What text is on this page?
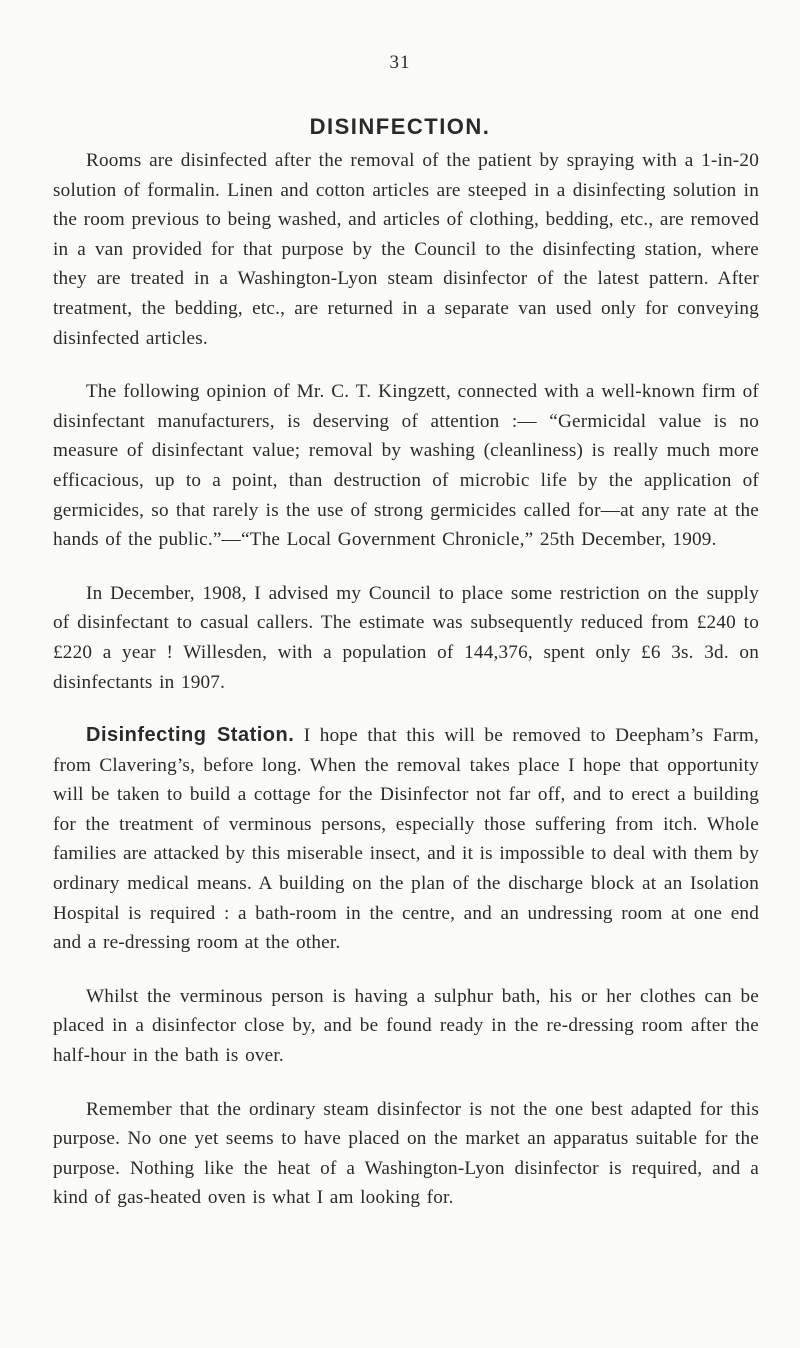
31
DISINFECTION.

Rooms are disinfected after the removal of the patient by spraying with a 1-in-20 solution of formalin. Linen and cotton articles are steeped in a disinfecting solution in the room previous to being washed, and articles of clothing, bedding, etc., are removed in a van provided for that purpose by the Council to the disinfecting station, where they are treated in a Washington-Lyon steam disinfector of the latest pattern. After treatment, the bedding, etc., are returned in a separate van used only for conveying disinfected articles.

The following opinion of Mr. C. T. Kingzett, connected with a well-known firm of disinfectant manufacturers, is deserving of attention :— “Germicidal value is no measure of disinfectant value; removal by washing (cleanliness) is really much more efficacious, up to a point, than destruction of microbic life by the application of germicides, so that rarely is the use of strong germicides called for—at any rate at the hands of the public.”—“The Local Government Chronicle,” 25th December, 1909.

In December, 1908, I advised my Council to place some restriction on the supply of disinfectant to casual callers. The estimate was subsequently reduced from £240 to £220 a year ! Willesden, with a population of 144,376, spent only £6 3s. 3d. on disinfectants in 1907.

Disinfecting Station. I hope that this will be removed to Deepham’s Farm, from Clavering’s, before long. When the removal takes place I hope that opportunity will be taken to build a cottage for the Disinfector not far off, and to erect a building for the treatment of verminous persons, especially those suffering from itch. Whole families are attacked by this miserable insect, and it is impossible to deal with them by ordinary medical means. A building on the plan of the discharge block at an Isolation Hospital is required : a bath-room in the centre, and an undressing room at one end and a re-dressing room at the other.

Whilst the verminous person is having a sulphur bath, his or her clothes can be placed in a disinfector close by, and be found ready in the re-dressing room after the half-hour in the bath is over.

Remember that the ordinary steam disinfector is not the one best adapted for this purpose. No one yet seems to have placed on the market an apparatus suitable for the purpose. Nothing like the heat of a Washington-Lyon disinfector is required, and a kind of gas-heated oven is what I am looking for.
